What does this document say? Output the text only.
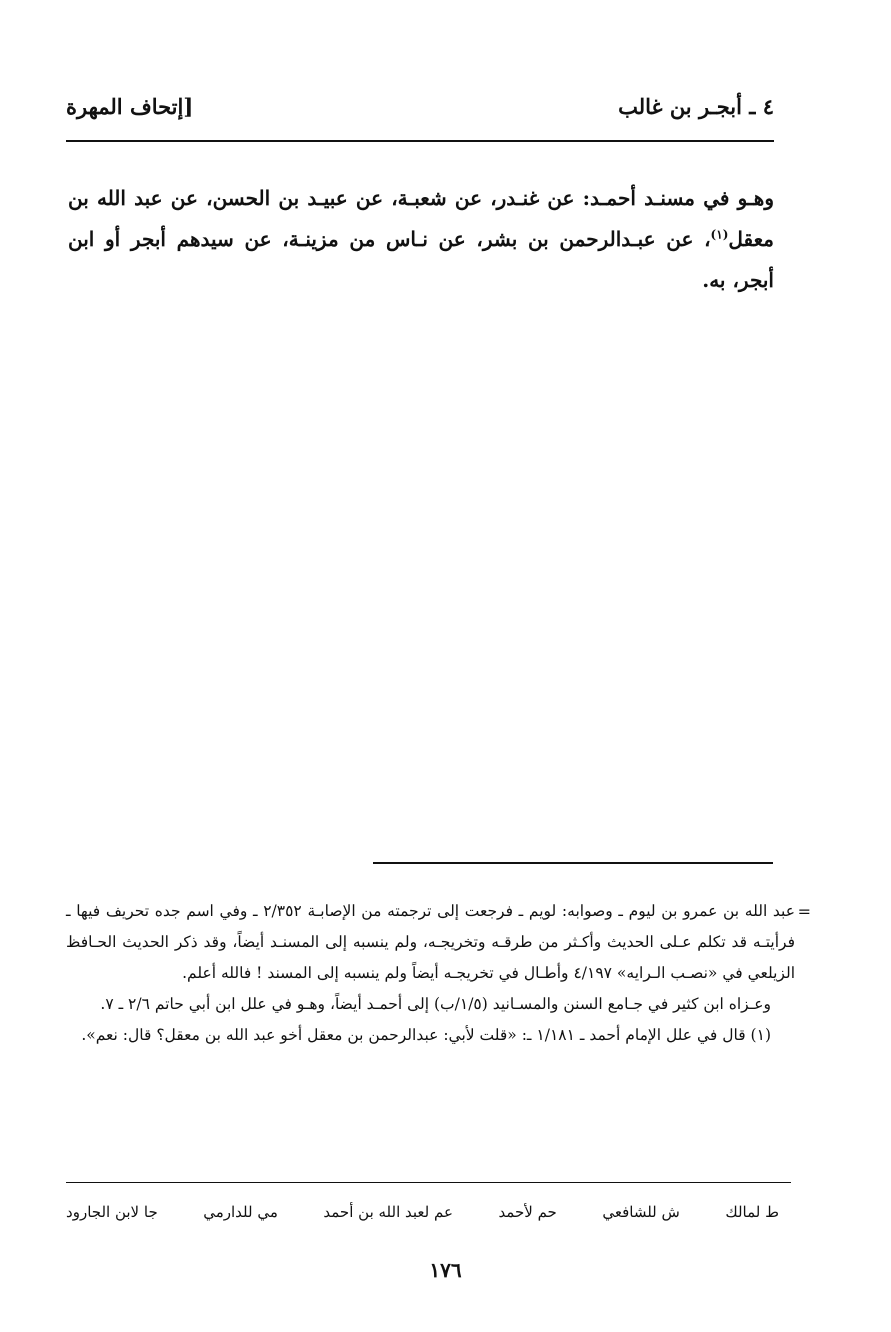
٤ ـ أبجـر بن غالب
[إتحاف المهرة
وهـو في مسنـد أحمـد: عن غنـدر، عن شعبـة، عن عبيـد بن الحسن، عن عبد الله بن معقل$^{(١)}$، عن عبـدالرحمن بن بشر، عن نـاس من مزينـة، عن سيدهم أبجر أو ابن أبجر، به.
=

عبد الله بن عمرو بن ليوم ـ وصوابه: لويم ـ فرجعت إلى ترجمته من الإصابـة ٢/٣٥٢ ـ وفي اسم جده تحريف فيها ـ فرأيتـه قد تكلم عـلى الحديث وأكـثر من طرقـه وتخريجـه، ولم ينسبه إلى المسنـد أيضاً، وقد ذكر الحديث الحـافظ الزيلعي في «نصـب الـرايه» ٤/١٩٧ وأطـال في تخريجـه أيضاً ولم ينسبه إلى المسند ! فالله أعلم.

وعـزاه ابن كثير في جـامع السنن والمسـانيد (١/٥/ب) إلى أحمـد أيضاً، وهـو في علل ابن أبي حاتم ٢/٦ ـ ٧.

(١) قال في علل الإمام أحمد ـ ١/١٨١ ـ: «قلت لأبي: عبدالرحمن بن معقل أخو عبد الله بن معقل؟ قال: نعم».

ط لمالك
ش للشافعي
حم لأحمد
عم لعبد الله بن أحمد
مي للدارمي
جا لابن الجارود
١٧٦
